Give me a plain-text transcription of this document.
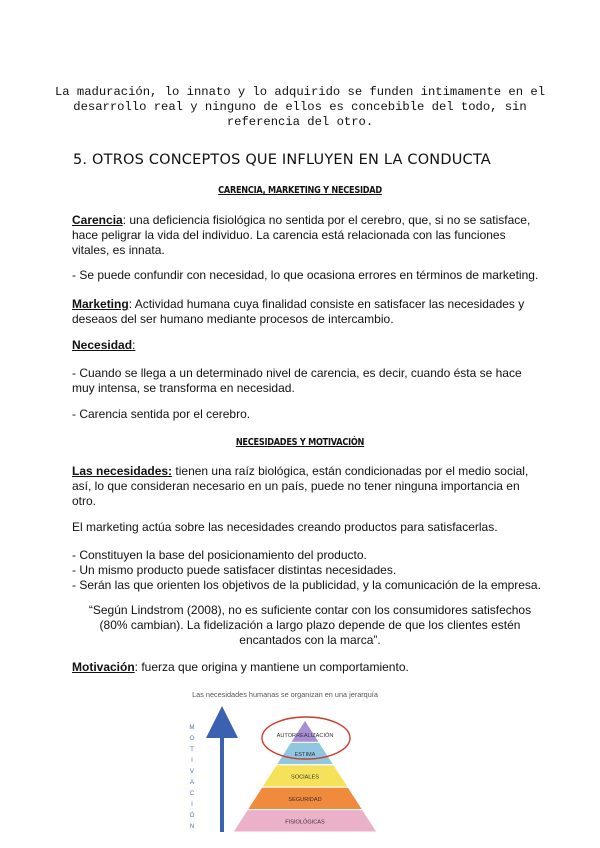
La maduración, lo innato y lo adquirido se funden intimamente en el
desarrollo real y ninguno de ellos es concebible del todo, sin
referencia del otro.
5. OTROS CONCEPTOS QUE INFLUYEN EN LA CONDUCTA
CARENCIA, MARKETING Y NECESIDAD
Carencia: una deficiencia fisiológica no sentida por el cerebro, que, si no se satisface, hace peligrar la vida del individuo. La carencia está relacionada con las funciones vitales, es innata.
- Se puede confundir con necesidad, lo que ocasiona errores en términos de marketing.
Marketing: Actividad humana cuya finalidad consiste en satisfacer las necesidades y deseaos del ser humano mediante procesos de intercambio.
Necesidad:
- Cuando se llega a un determinado nivel de carencia, es decir, cuando ésta se hace muy intensa, se transforma en necesidad.
- Carencia sentida por el cerebro.
NECESIDADES Y MOTIVACIÓN
Las necesidades: tienen una raíz biológica, están condicionadas por el medio social, así, lo que consideran necesario en un país, puede no tener ninguna importancia en otro.
El marketing actúa sobre las necesidades creando productos para satisfacerlas.
- Constituyen la base del posicionamiento del producto.
- Un mismo producto puede satisfacer distintas necesidades.
- Serán las que orienten los objetivos de la publicidad, y la comunicación de la empresa.
“Según Lindstrom (2008), no es suficiente contar con los consumidores satisfechos (80% cambian). La fidelización a largo plazo depende de que los clientes estén encantados con la marca”.
Motivación: fuerza que origina y mantiene un comportamiento.
Las necesidades humanas se organizan en una jerarquía
M
O
T
I
V
A
C
I
Ó
N
AUTORREALIZACIÓN
ESTIMA
SOCIALES
SEGURIDAD
FISIOLÓGICAS
